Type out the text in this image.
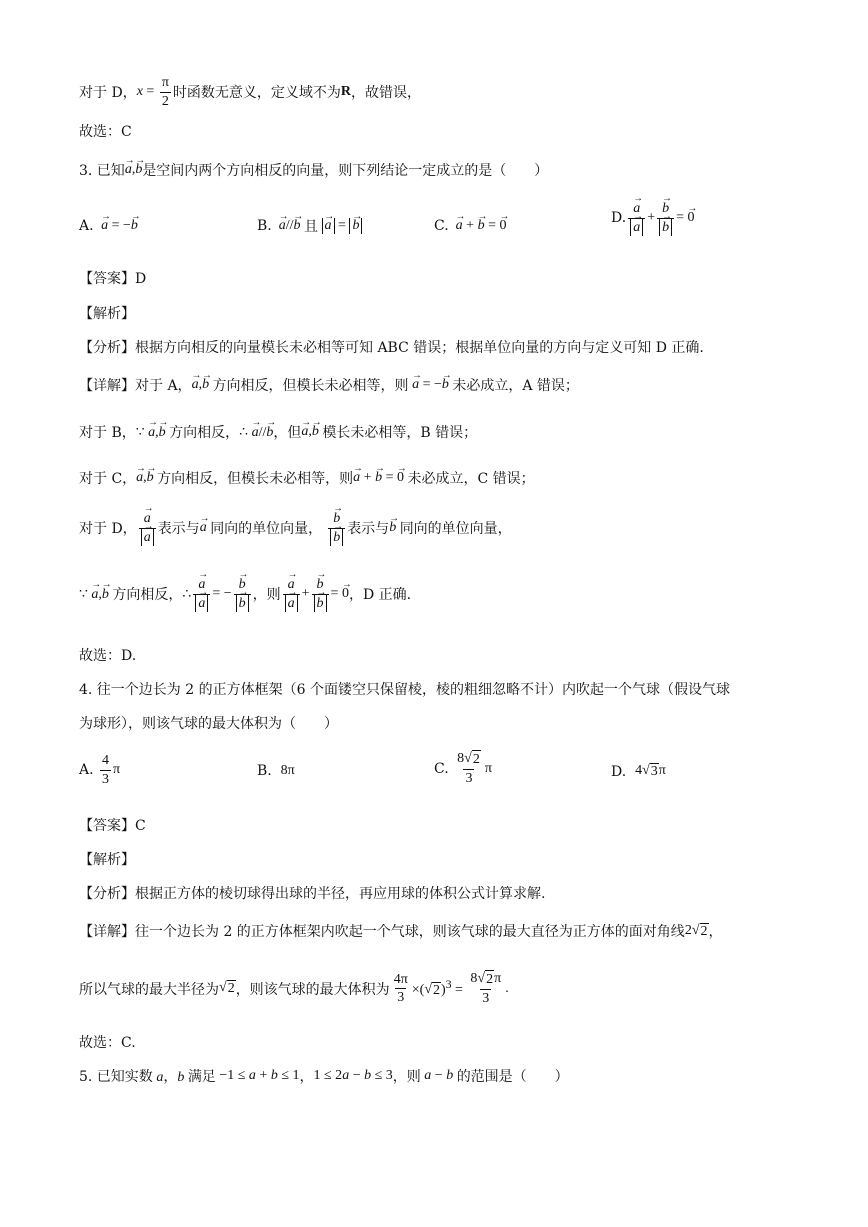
对于 D， $x = \frac{\pi}{2}$ 时函数无意义，定义域不为 R ，故错误，
故选：C
3. 已知 → a , → b 是空间内两个方向相反的向量，则下列结论一定成立的是（　　）
A. → a = −→ b	B. → a//→ b 且 → a = → b	C. → a + → b = → 0	D. → a
→ a + → b
→ b = → 0
【答案】D
【解析】
【分析】根据方向相反的向量模长未必相等可知 ABC 错误；根据单位向量的方向与定义可知 D 正确.
【详解】对于 A， → a,→ b 方向相反，但模长未必相等，则 → a = −→ b 未必成立，A 错误；
对于 B， ∵ → a,→ b 方向相反， ∴ → a//→ b ，但 → a,→ b 模长未必相等，B 错误；
对于 C， → a,→ b 方向相反，但模长未必相等，则 → a + → b = → 0 未必成立，C 错误；
对于 D， → a
→ a 表示与 → a 同向的单位向量， → b
→ b 表示与 → b 同向的单位向量，
∵ → a,→ b 方向相反， ∴ → a
→ a = − → b
→ b ，则 → a
→ a + → b
→ b = → 0 ，D 正确.
故选：D.
4. 往一个边长为 2 的正方体框架（6 个面镂空只保留棱，棱的粗细忽略不计）内吹起一个气球（假设气球
为球形），则该气球的最大体积为（　　）
A.
$\frac{4}{3}$ π	B.
8π	C.
$\frac{8 √ 2}{3}$ π	D.
4 √ 3 π
【答案】C
【解析】
【分析】根据正方体的棱切球得出球的半径，再应用球的体积公式计算求解.
【详解】往一个边长为 2 的正方体框架内吹起一个气球，则该气球的最大直径为正方体的面对角线 2 √ 2 ，
所以气球的最大半径为 √ 2 ，则该气球的最大体积为 $\frac{4\pi}{3}$ ×( √ 2 )$^3 = \frac{8 √ 2 \pi}{3}$ .
故选：C.
5. 已知实数 a，b 满足 −1 ≤ a + b ≤ 1 ， 1 ≤ 2a − b ≤ 3 ，则 a − b 的范围是（　　）
